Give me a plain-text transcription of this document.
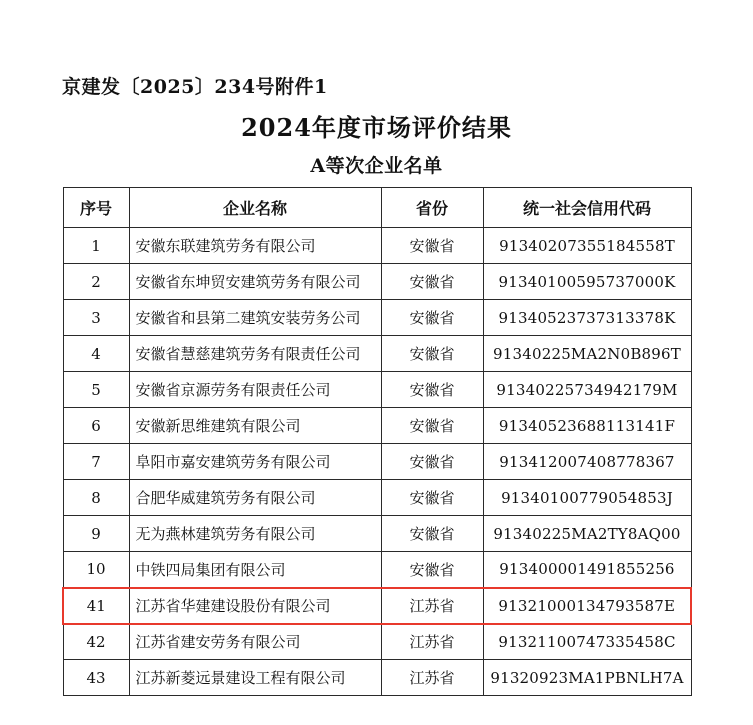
京建发〔2025〕234号附件1
2024年度市场评价结果
A等次企业名单
序号	企业名称	省份	统一社会信用代码
1	安徽东联建筑劳务有限公司	安徽省	91340207355184558T
2	安徽省东坤贸安建筑劳务有限公司	安徽省	91340100595737000K
3	安徽省和县第二建筑安装劳务公司	安徽省	91340523737313378K
4	安徽省慧慈建筑劳务有限责任公司	安徽省	91340225MA2N0B896T
5	安徽省京源劳务有限责任公司	安徽省	91340225734942179M
6	安徽新思维建筑有限公司	安徽省	91340523688113141F
7	阜阳市嘉安建筑劳务有限公司	安徽省	913412007408778367
8	合肥华威建筑劳务有限公司	安徽省	91340100779054853J
9	无为燕林建筑劳务有限公司	安徽省	91340225MA2TY8AQ00
10	中铁四局集团有限公司	安徽省	913400001491855256
41	江苏省华建建设股份有限公司	江苏省	91321000134793587E
42	江苏省建安劳务有限公司	江苏省	91321100747335458C
43	江苏新菱远景建设工程有限公司	江苏省	91320923MA1PBNLH7A
